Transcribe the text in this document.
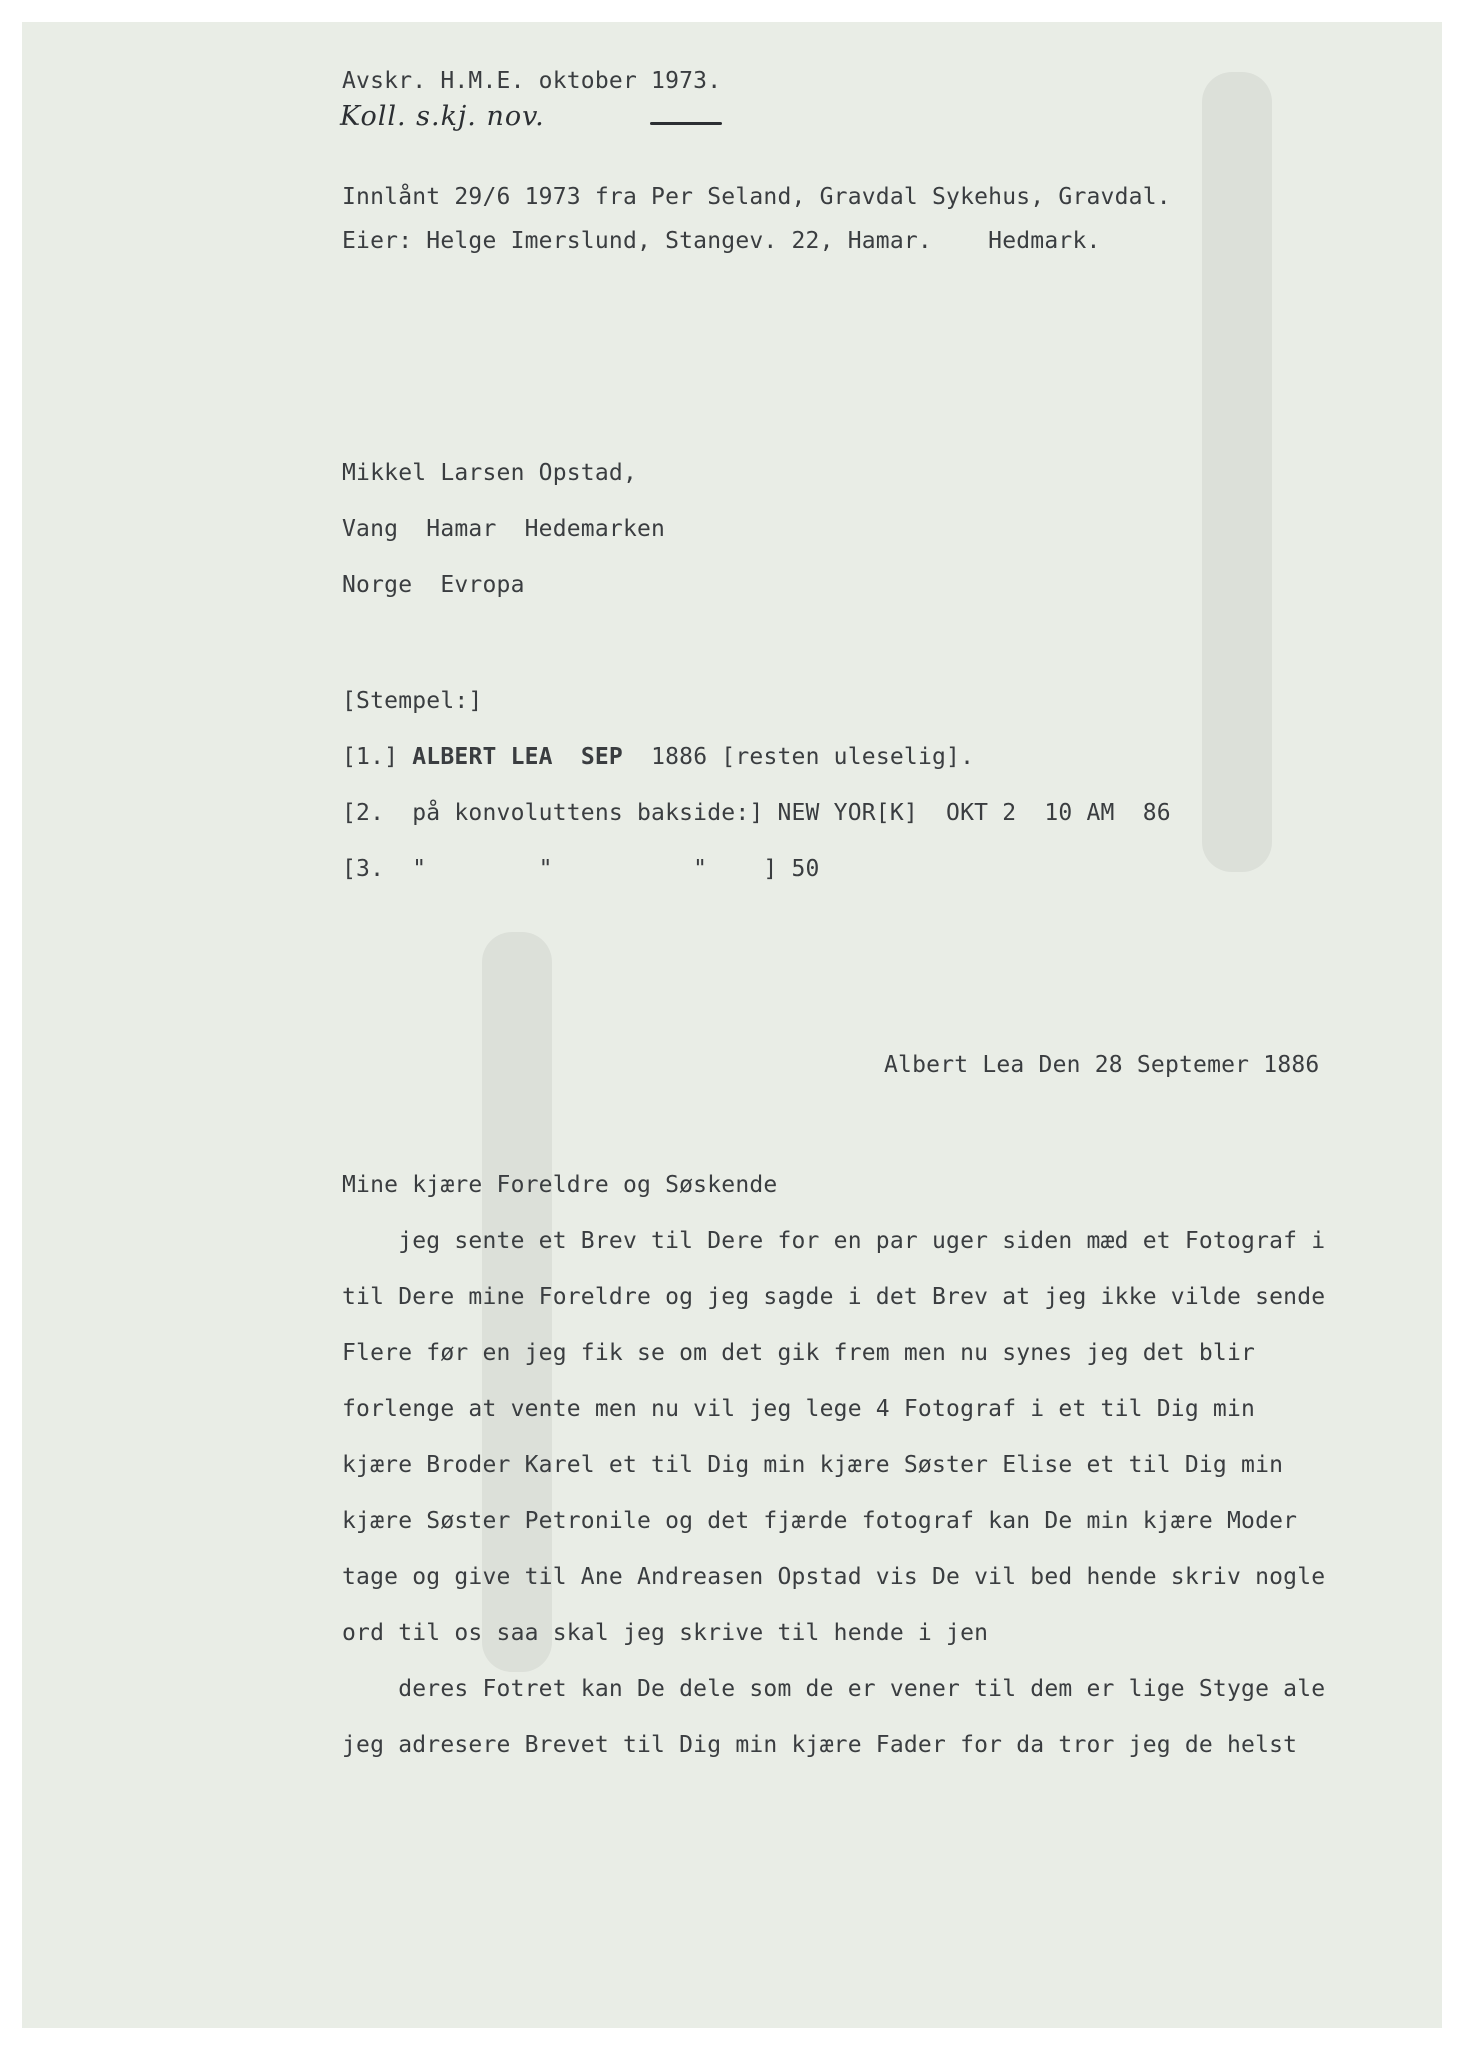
Avskr. H.M.E. oktober 1973.
Koll. s.kj. nov.
Innlånt 29/6 1973 fra Per Seland, Gravdal Sykehus, Gravdal.
Eier: Helge Imerslund, Stangev. 22, Hamar.    Hedmark.
Mikkel Larsen Opstad,
Vang  Hamar  Hedemarken
Norge  Evropa
[Stempel:]
[1.] ALBERT LEA  SEP  1886 [resten uleselig].
[2.  på konvoluttens bakside:] NEW YOR[K]  OKT 2  10 AM  86
[3.  "        "          "    ] 50
Albert Lea Den 28 Septemer 1886
Mine kjære Foreldre og Søskende
jeg sente et Brev til Dere for en par uger siden mæd et Fotograf i
til Dere mine Foreldre og jeg sagde i det Brev at jeg ikke vilde sende
Flere før en jeg fik se om det gik frem men nu synes jeg det blir
forlenge at vente men nu vil jeg lege 4 Fotograf i et til Dig min
kjære Broder Karel et til Dig min kjære Søster Elise et til Dig min
kjære Søster Petronile og det fjærde fotograf kan De min kjære Moder
tage og give til Ane Andreasen Opstad vis De vil bed hende skriv nogle
ord til os saa skal jeg skrive til hende i jen
deres Fotret kan De dele som de er vener til dem er lige Styge ale
jeg adresere Brevet til Dig min kjære Fader for da tror jeg de helst
